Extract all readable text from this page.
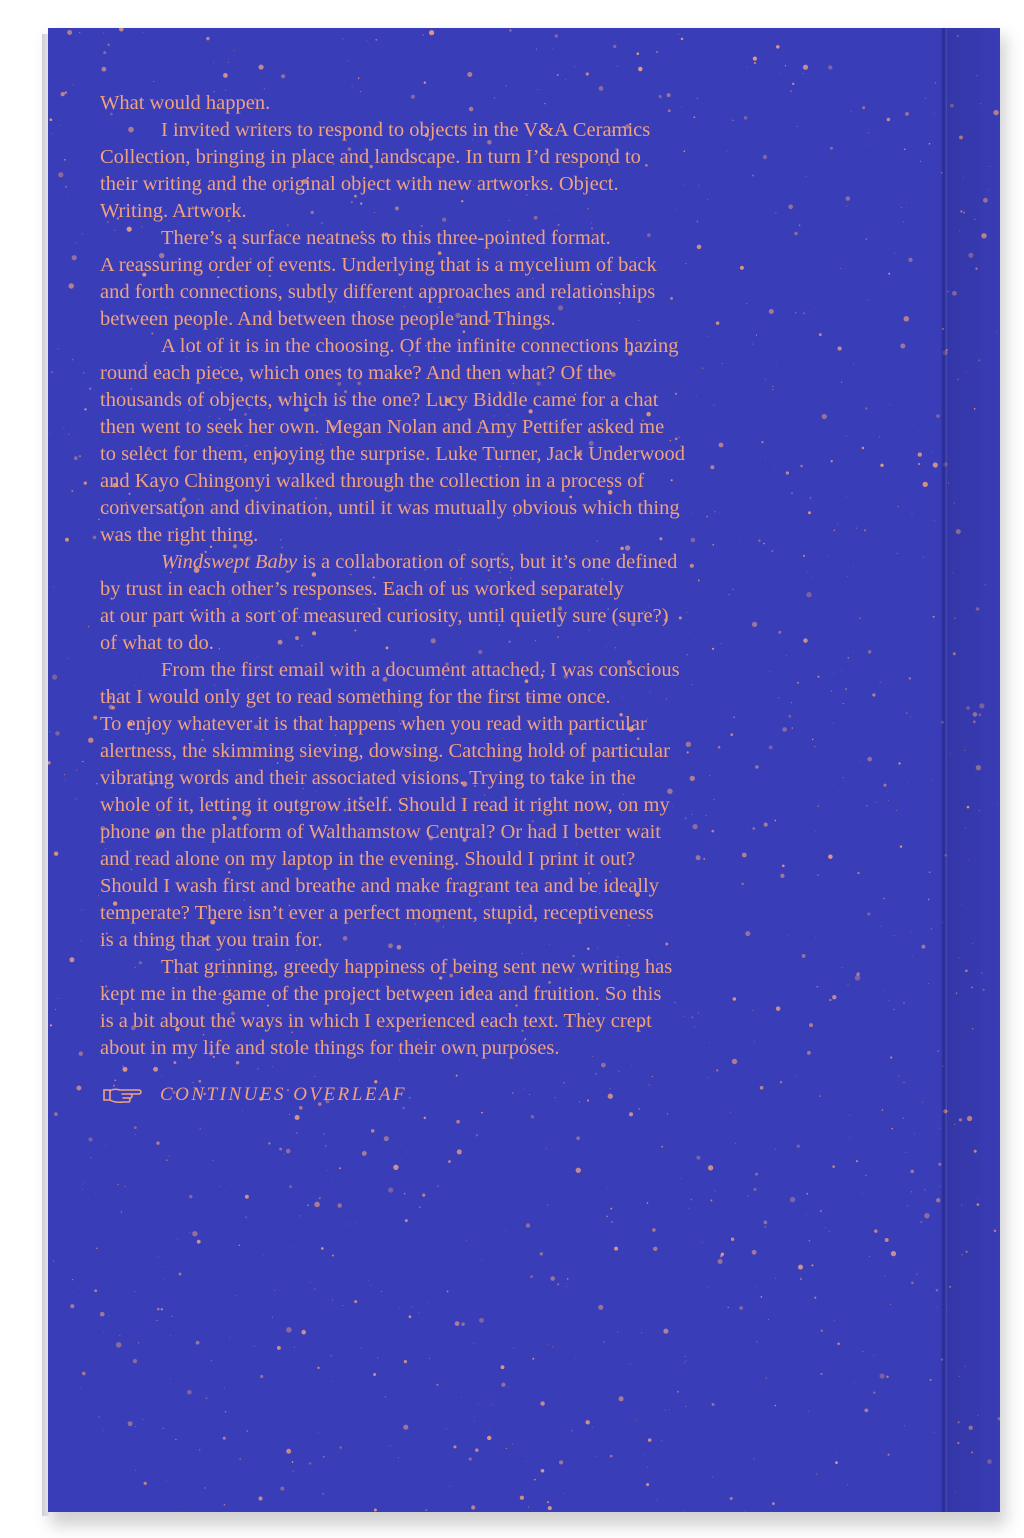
What would happen.
I invited writers to respond to objects in the V&A Ceramics
Collection, bringing in place and landscape. In turn I’d respond to
their writing and the original object with new artworks. Object.
Writing. Artwork.
There’s a surface neatness to this three-pointed format.
A reassuring order of events. Underlying that is a mycelium of back
and forth connections, subtly different approaches and relationships
between people. And between those people and Things.
A lot of it is in the choosing. Of the infinite connections hazing
round each piece, which ones to make? And then what? Of the
thousands of objects, which is the one? Lucy Biddle came for a chat
then went to seek her own. Megan Nolan and Amy Pettifer asked me
to select for them, enjoying the surprise. Luke Turner, Jack Underwood
and Kayo Chingonyi walked through the collection in a process of
conversation and divination, until it was mutually obvious which thing
was the right thing.
Windswept Baby is a collaboration of sorts, but it’s one defined
by trust in each other’s responses. Each of us worked separately
at our part with a sort of measured curiosity, until quietly sure (sure?)
of what to do.
From the first email with a document attached, I was conscious
that I would only get to read something for the first time once.
To enjoy whatever it is that happens when you read with particular
alertness, the skimming sieving, dowsing. Catching hold of particular
vibrating words and their associated visions. Trying to take in the
whole of it, letting it outgrow itself. Should I read it right now, on my
phone on the platform of Walthamstow Central? Or had I better wait
and read alone on my laptop in the evening. Should I print it out?
Should I wash first and breathe and make fragrant tea and be ideally
temperate? There isn’t ever a perfect moment, stupid, receptiveness
is a thing that you train for.
That grinning, greedy happiness of being sent new writing has
kept me in the game of the project between idea and fruition. So this
is a bit about the ways in which I experienced each text. They crept
about in my life and stole things for their own purposes.
CONTINUES OVERLEAF
